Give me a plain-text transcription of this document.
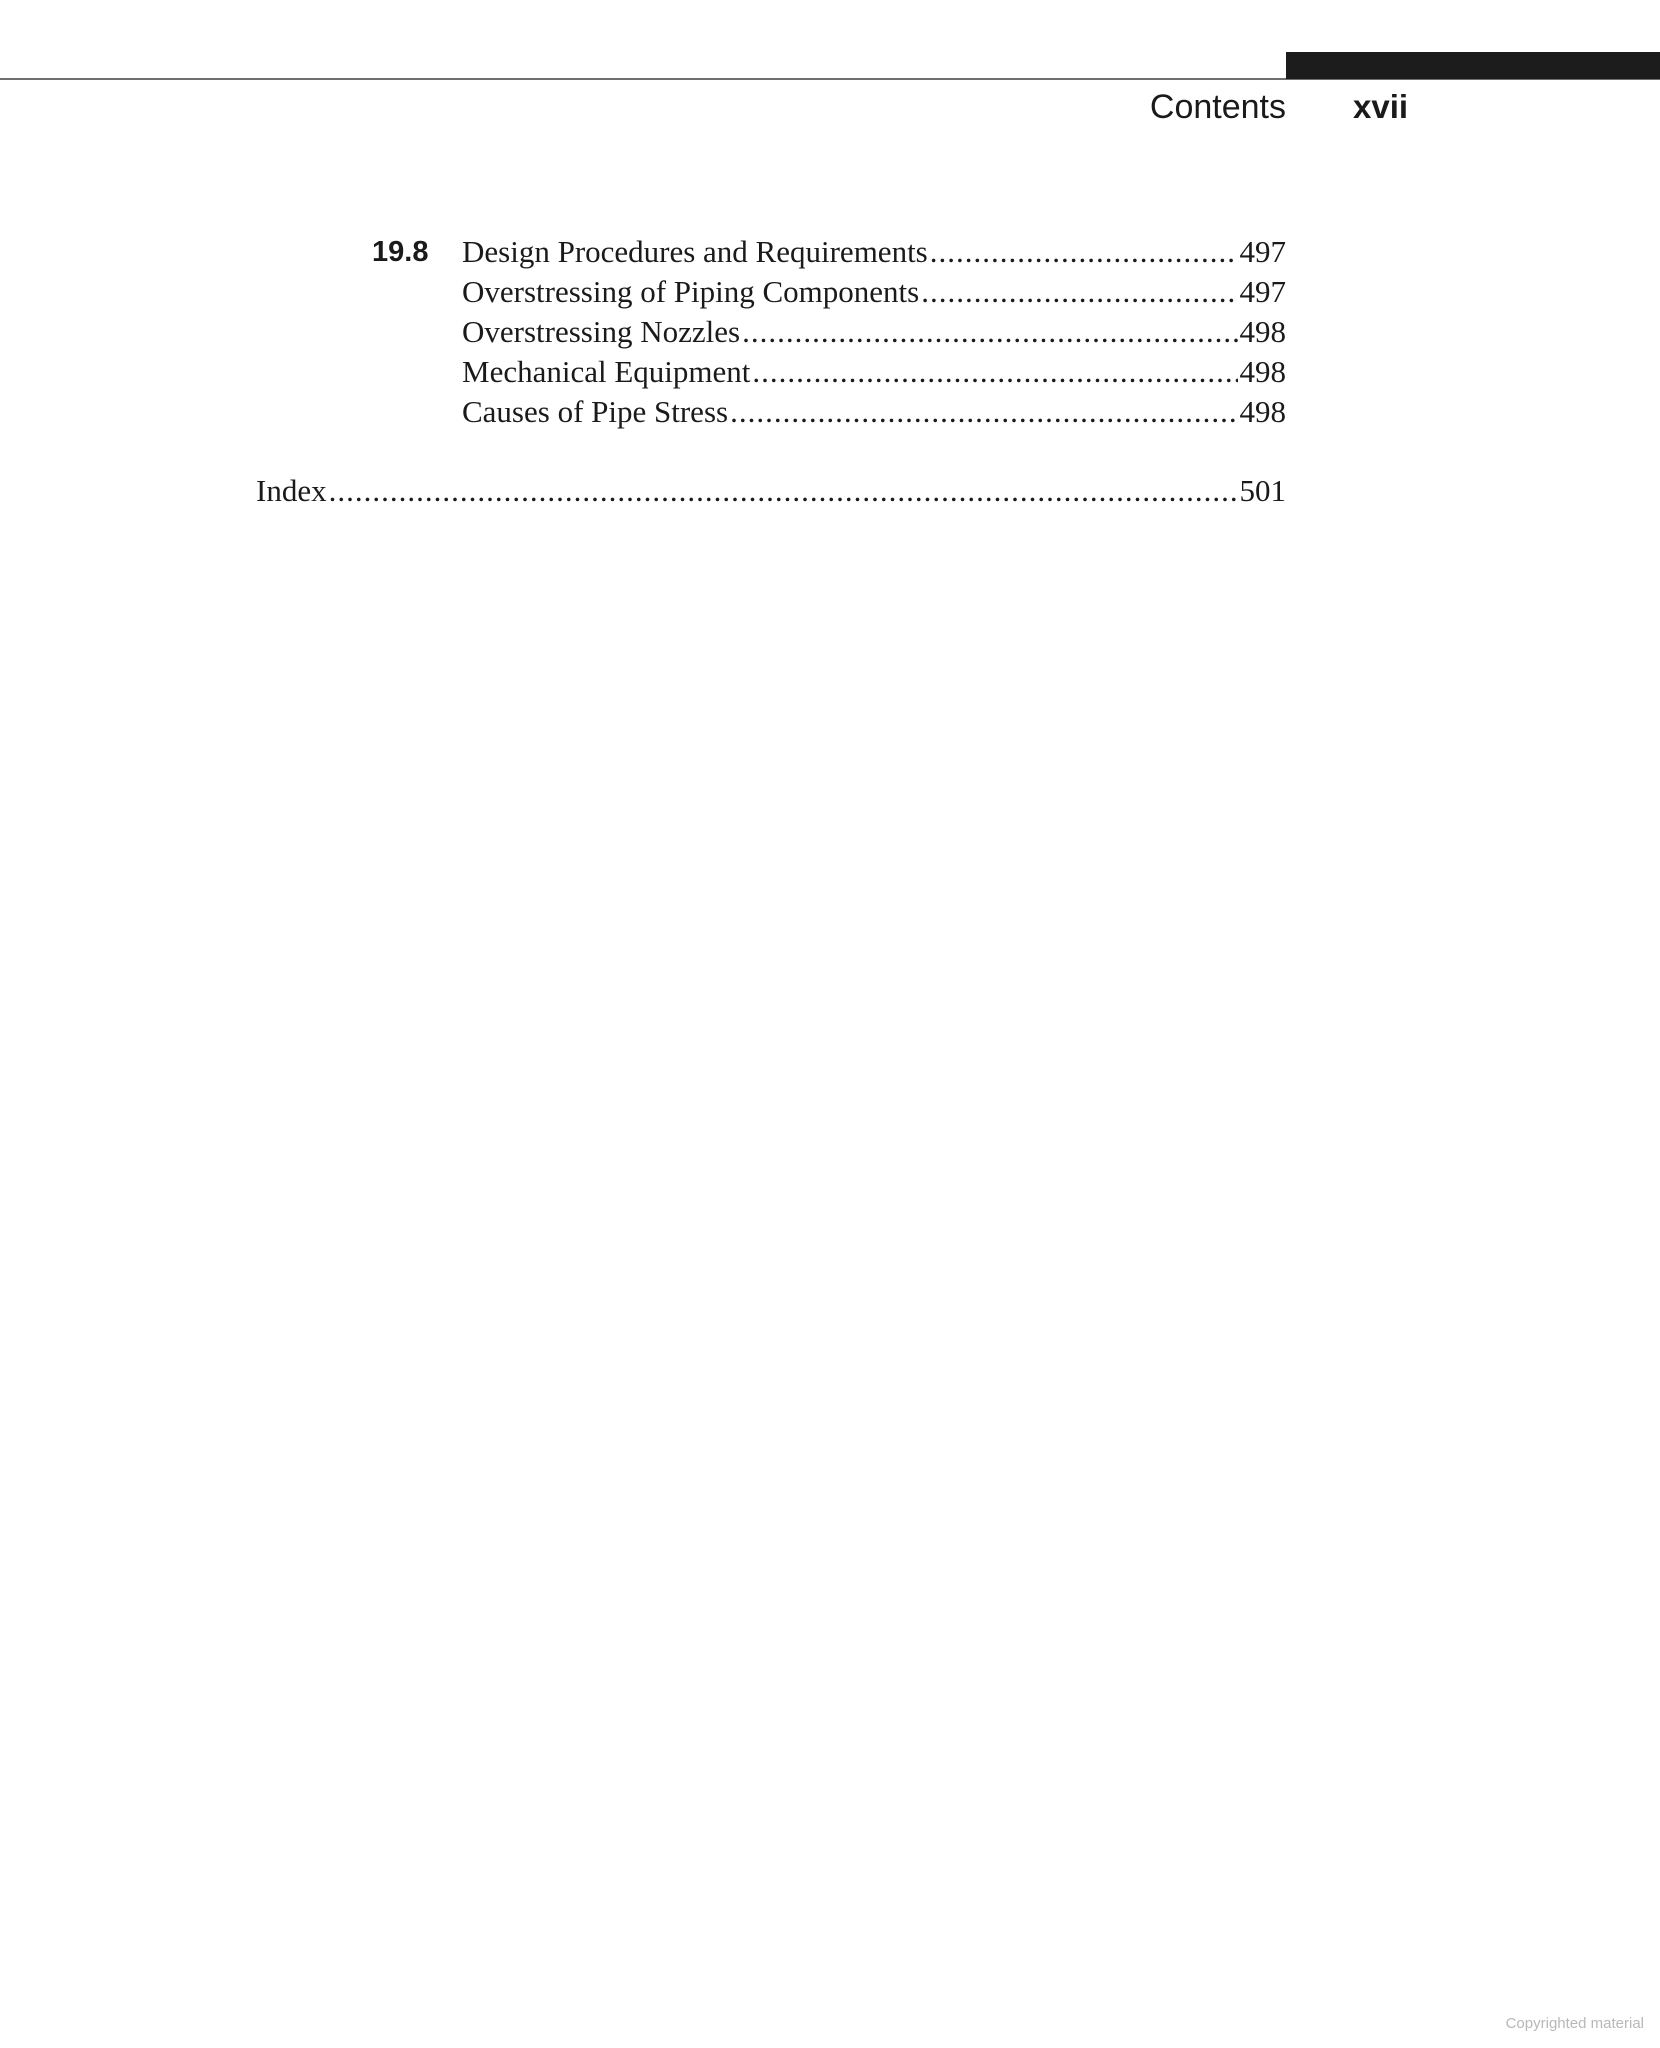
Contents xvii
19.8 Design Procedures and Requirements .....	497
Overstressing of Piping Components .....	497
Overstressing Nozzles .....	498
Mechanical Equipment .....	498
Causes of Pipe Stress .....	498
Index .....	501
Copyrighted material
